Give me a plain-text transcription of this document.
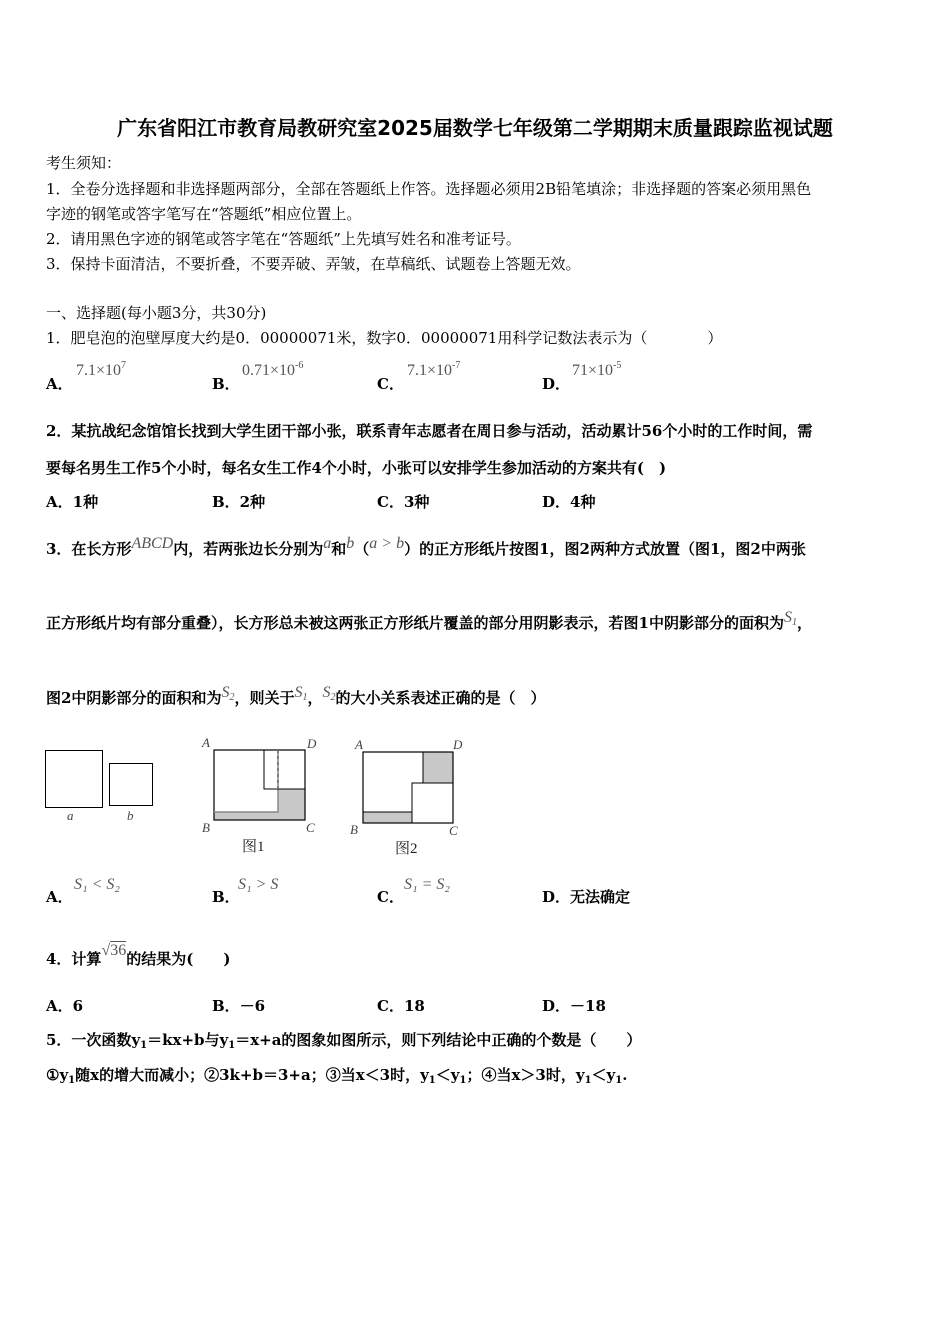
广东省阳江市教育局教研究室2025届数学七年级第二学期期末质量跟踪监视试题
考生须知：
1．全卷分选择题和非选择题两部分，全部在答题纸上作答。选择题必须用2B铅笔填涂；非选择题的答案必须用黑色
字迹的钢笔或答字笔写在“答题纸”相应位置上。
2．请用黑色字迹的钢笔或答字笔在“答题纸”上先填写姓名和准考证号。
3．保持卡面清洁，不要折叠，不要弄破、弄皱，在草稿纸、试题卷上答题无效。
一、选择题(每小题3分，共30分)
1．肥皂泡的泡壁厚度大约是0．00000071米，数字0．00000071用科学记数法表示为（　　　　）
A．
$7.1\times 10^7$
B．
$0.71\times 10^{-6}$
C．
$7.1\times 10^{-7}$
D．
$71\times 10^{-5}$
2．某抗战纪念馆馆长找到大学生团干部小张，联系青年志愿者在周日参与活动，活动累计56个小时的工作时间，需
要每名男生工作5个小时，每名女生工作4个小时，小张可以安排学生参加活动的方案共有(　)
A．1种	B．2种	C．3种	D．4种
3．在长方形ABCD内，若两张边长分别为a和b（a > b）的正方形纸片按图1，图2两种方式放置（图1，图2中两张
正方形纸片均有部分重叠），长方形总未被这两张正方形纸片覆盖的部分用阴影表示，若图1中阴影部分的面积为$S_1$，
图2中阴影部分的面积和为$S_2$，则关于$S_1$，$S_2$的大小关系表述正确的是（　）
a	b
A	D
B	C
图1
A	D
B	C
图2
A．
S₁ < S₂
B．
S₁ > S
C．
S₁ = S₂
D．无法确定
4．计算√36的结果为(　　)
A．6	B．－6	C．18	D．－18
5．一次函数$y_1=kx+b$与$y_1=x+a$的图象如图所示，则下列结论中正确的个数是（　　）
$①y_1$随x的增大而减小；②3k+b＝3+a；③当x＜3时，$y_1<y_1$；④当x＞3时，$y_1<y_1$.
